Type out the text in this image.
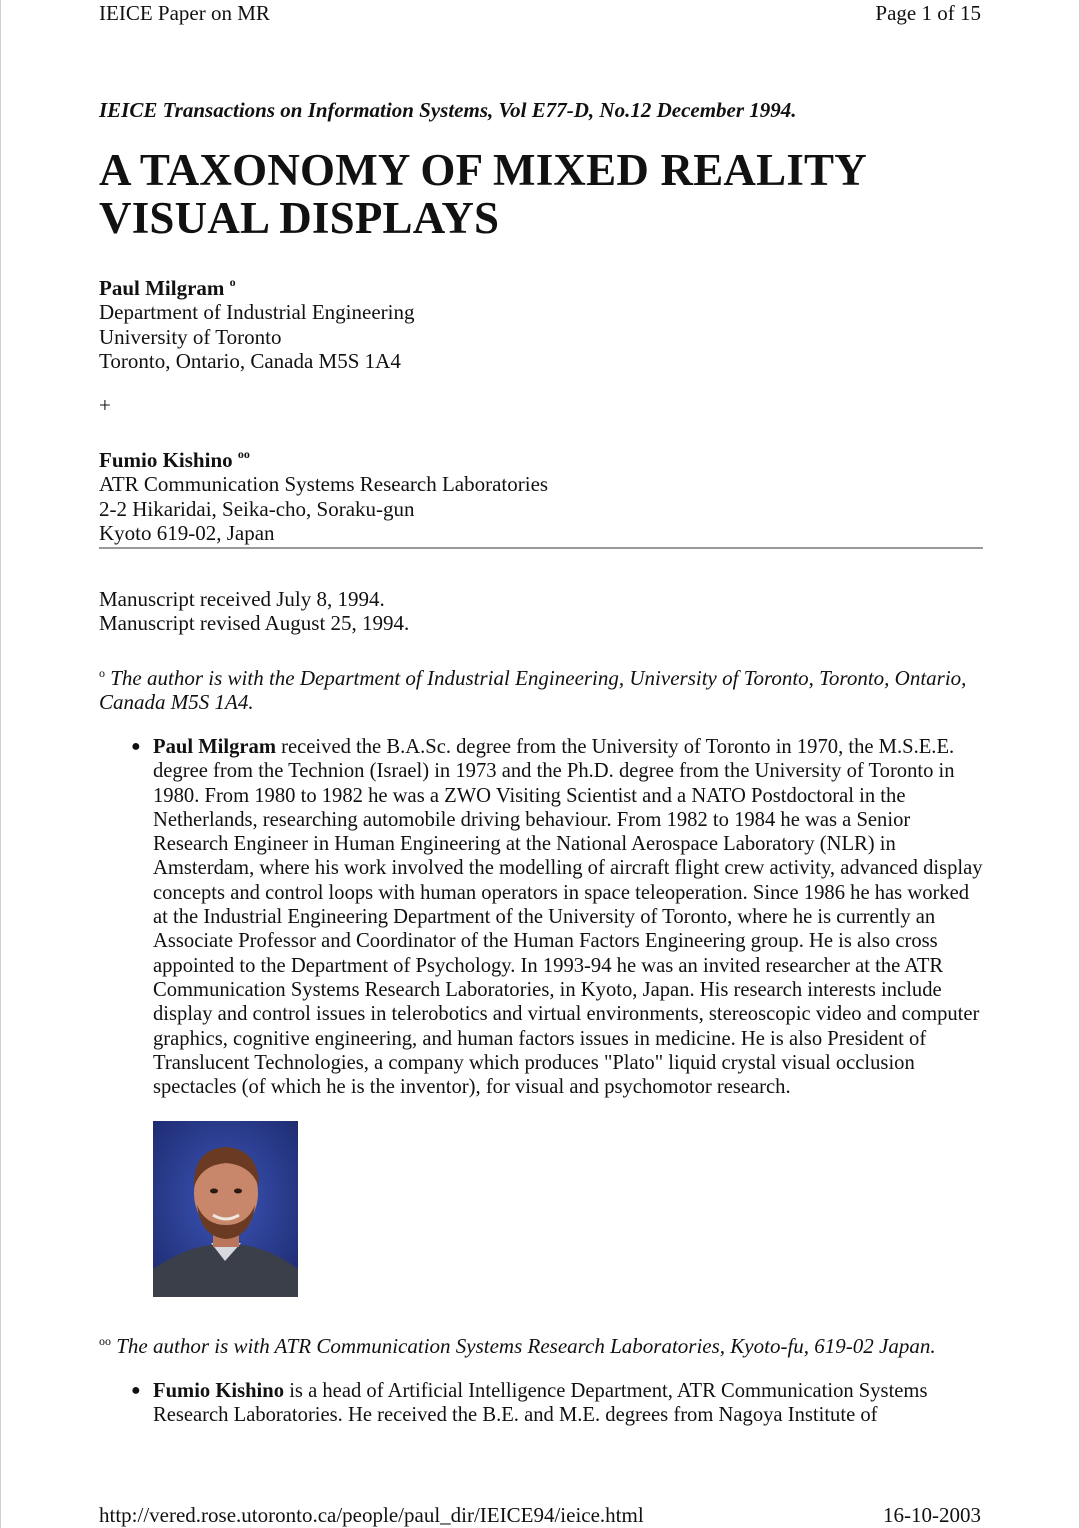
IEICE Paper on MR	Page 1 of 15
IEICE Transactions on Information Systems, Vol E77-D, No.12 December 1994.
A TAXONOMY OF MIXED REALITY
VISUAL DISPLAYS
Paul Milgram $^o$
Department of Industrial Engineering
University of Toronto
Toronto, Ontario, Canada M5S 1A4
+
Fumio Kishino $^{oo}$
ATR Communication Systems Research Laboratories
2-2 Hikaridai, Seika-cho, Soraku-gun
Kyoto 619-02, Japan
Manuscript received July 8, 1994.
Manuscript revised August 25, 1994.
$^o$ The author is with the Department of Industrial Engineering, University of Toronto, Toronto, Ontario, Canada M5S 1A4.
● Paul Milgram received the B.A.Sc. degree from the University of Toronto in 1970, the M.S.E.E. degree from the Technion (Israel) in 1973 and the Ph.D. degree from the University of Toronto in 1980. From 1980 to 1982 he was a ZWO Visiting Scientist and a NATO Postdoctoral in the Netherlands, researching automobile driving behaviour. From 1982 to 1984 he was a Senior Research Engineer in Human Engineering at the National Aerospace Laboratory (NLR) in Amsterdam, where his work involved the modelling of aircraft flight crew activity, advanced display concepts and control loops with human operators in space teleoperation. Since 1986 he has worked at the Industrial Engineering Department of the University of Toronto, where he is currently an Associate Professor and Coordinator of the Human Factors Engineering group. He is also cross appointed to the Department of Psychology. In 1993-94 he was an invited researcher at the ATR Communication Systems Research Laboratories, in Kyoto, Japan. His research interests include display and control issues in telerobotics and virtual environments, stereoscopic video and computer graphics, cognitive engineering, and human factors issues in medicine. He is also President of Translucent Technologies, a company which produces "Plato" liquid crystal visual occlusion spectacles (of which he is the inventor), for visual and psychomotor research.
$^{oo}$ The author is with ATR Communication Systems Research Laboratories, Kyoto-fu, 619-02 Japan.
● Fumio Kishino is a head of Artificial Intelligence Department, ATR Communication Systems Research Laboratories. He received the B.E. and M.E. degrees from Nagoya Institute of
http://vered.rose.utoronto.ca/people/paul_dir/IEICE94/ieice.html	16-10-2003
